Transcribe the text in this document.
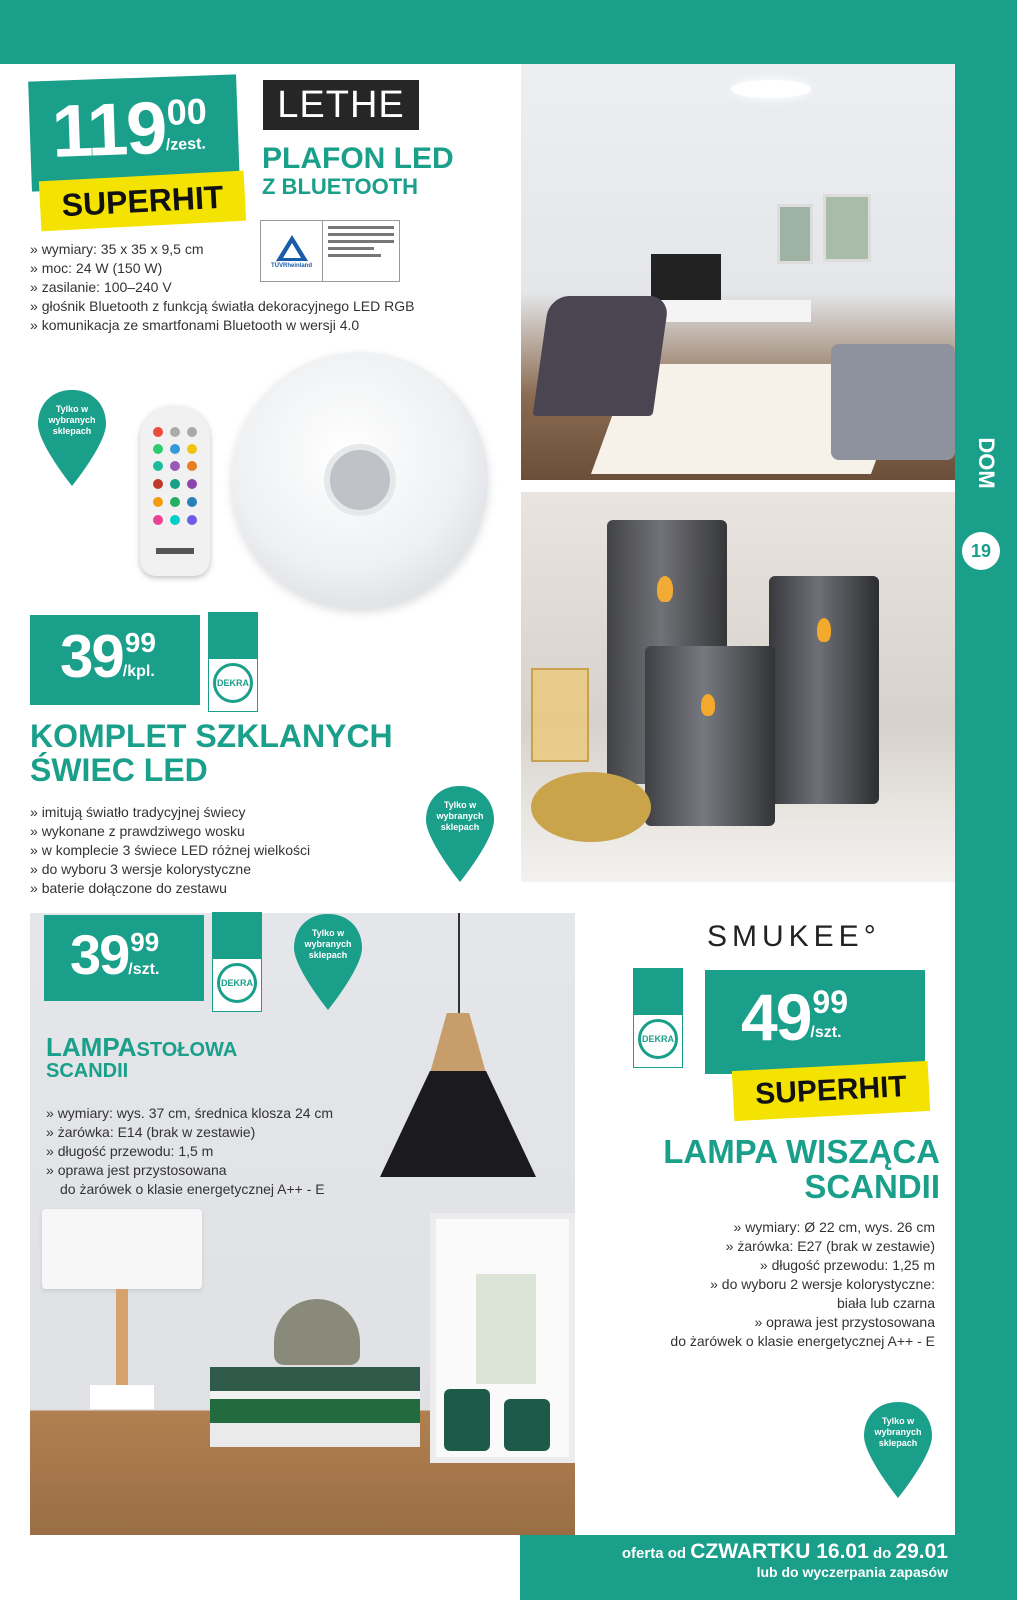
DOM
19
119 00
/zest.
SUPERHIT
LETHE
PLAFON LED
Z BLUETOOTH
TÜVRheinland
» wymiary: 35 x 35 x 9,5 cm
» moc: 24 W (150 W)
» zasilanie: 100–240 V
» głośnik Bluetooth z funkcją światła dekoracyjnego LED RGB
» komunikacja ze smartfonami Bluetooth w wersji 4.0
Tylko w wybranych sklepach
39 99
/kpl.
DEKRA
KOMPLET SZKLANYCH
ŚWIEC LED
» imitują światło tradycyjnej świecy
» wykonane z prawdziwego wosku
» w komplecie 3 świece LED różnej wielkości
» do wyboru 3 wersje kolorystyczne
» baterie dołączone do zestawu
Tylko w wybranych sklepach
39 99
/szt.
DEKRA
Tylko w wybranych sklepach
LAMPASTOŁOWA
SCANDII
» wymiary: wys. 37 cm, średnica klosza 24 cm
» żarówka: E14 (brak w zestawie)
» długość przewodu: 1,5 m
» oprawa jest przystosowana
do żarówek o klasie energetycznej A++ - E
SMUKEE°
DEKRA 49 99
/szt.
SUPERHIT
LAMPA WISZĄCA
SCANDII
» wymiary: Ø 22 cm, wys. 26 cm
» żarówka: E27 (brak w zestawie)
» długość przewodu: 1,25 m
» do wyboru 2 wersje kolorystyczne:
biała lub czarna
» oprawa jest przystosowana
do żarówek o klasie energetycznej A++ - E
Tylko w wybranych sklepach
oferta od CZWARTKU 16.01 do 29.01
lub do wyczerpania zapasów
